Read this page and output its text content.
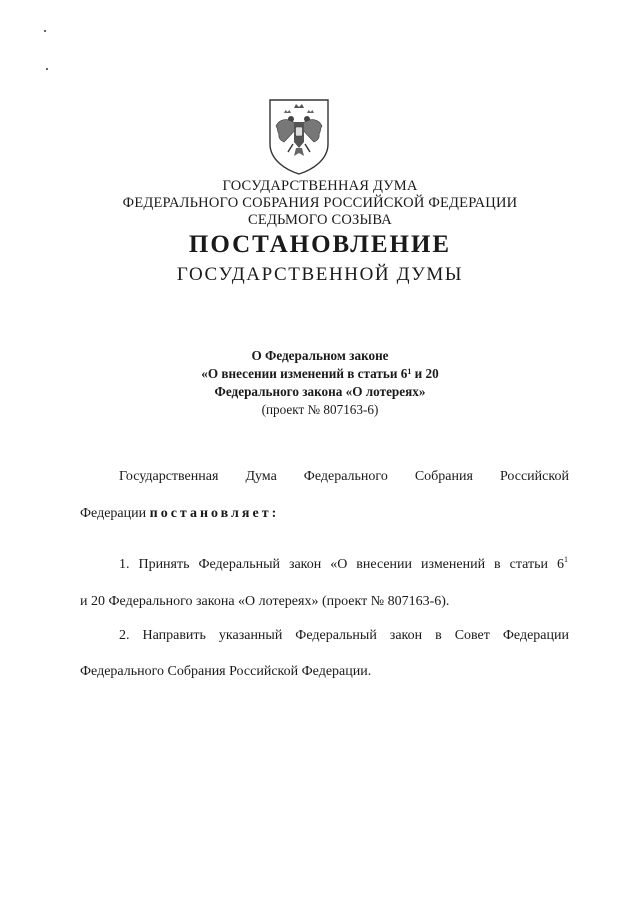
ГОСУДАРСТВЕННАЯ ДУМА
ФЕДЕРАЛЬНОГО СОБРАНИЯ РОССИЙСКОЙ ФЕДЕРАЦИИ
СЕДЬМОГО СОЗЫВА
ПОСТАНОВЛЕНИЕ
ГОСУДАРСТВЕННОЙ ДУМЫ
О Федеральном законе
«О внесении изменений в статьи $6^1$ и 20
Федерального закона «О лотереях»
(проект № 807163-6)
Государственная Дума Федерального Собрания Российской
Федерации постановляет:
1. Принять Федеральный закон «О внесении изменений в статьи $6^1$
и 20 Федерального закона «О лотереях» (проект № 807163-6).
2. Направить указанный Федеральный закон в Совет Федерации
Федерального Собрания Российской Федерации.
